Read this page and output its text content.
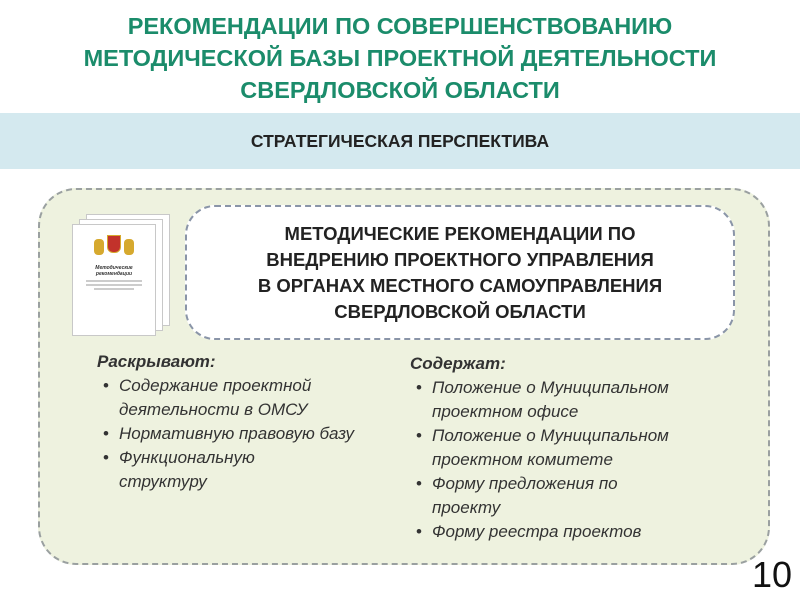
РЕКОМЕНДАЦИИ ПО СОВЕРШЕНСТВОВАНИЮ
МЕТОДИЧЕСКОЙ БАЗЫ ПРОЕКТНОЙ ДЕЯТЕЛЬНОСТИ
СВЕРДЛОВСКОЙ ОБЛАСТИ
СТРАТЕГИЧЕСКАЯ ПЕРСПЕКТИВА
Методические
рекомендации
МЕТОДИЧЕСКИЕ РЕКОМЕНДАЦИИ ПО
ВНЕДРЕНИЮ ПРОЕКТНОГО УПРАВЛЕНИЯ
В ОРГАНАХ МЕСТНОГО САМОУПРАВЛЕНИЯ
СВЕРДЛОВСКОЙ ОБЛАСТИ
Раскрывают:
• Содержание проектной деятельности в ОМСУ
• Нормативную правовую базу
• Функциональную структуру
Содержат:
• Положение о Муниципальном проектном офисе
• Положение о Муниципальном проектном комитете
• Форму предложения по проекту
• Форму реестра проектов
10
